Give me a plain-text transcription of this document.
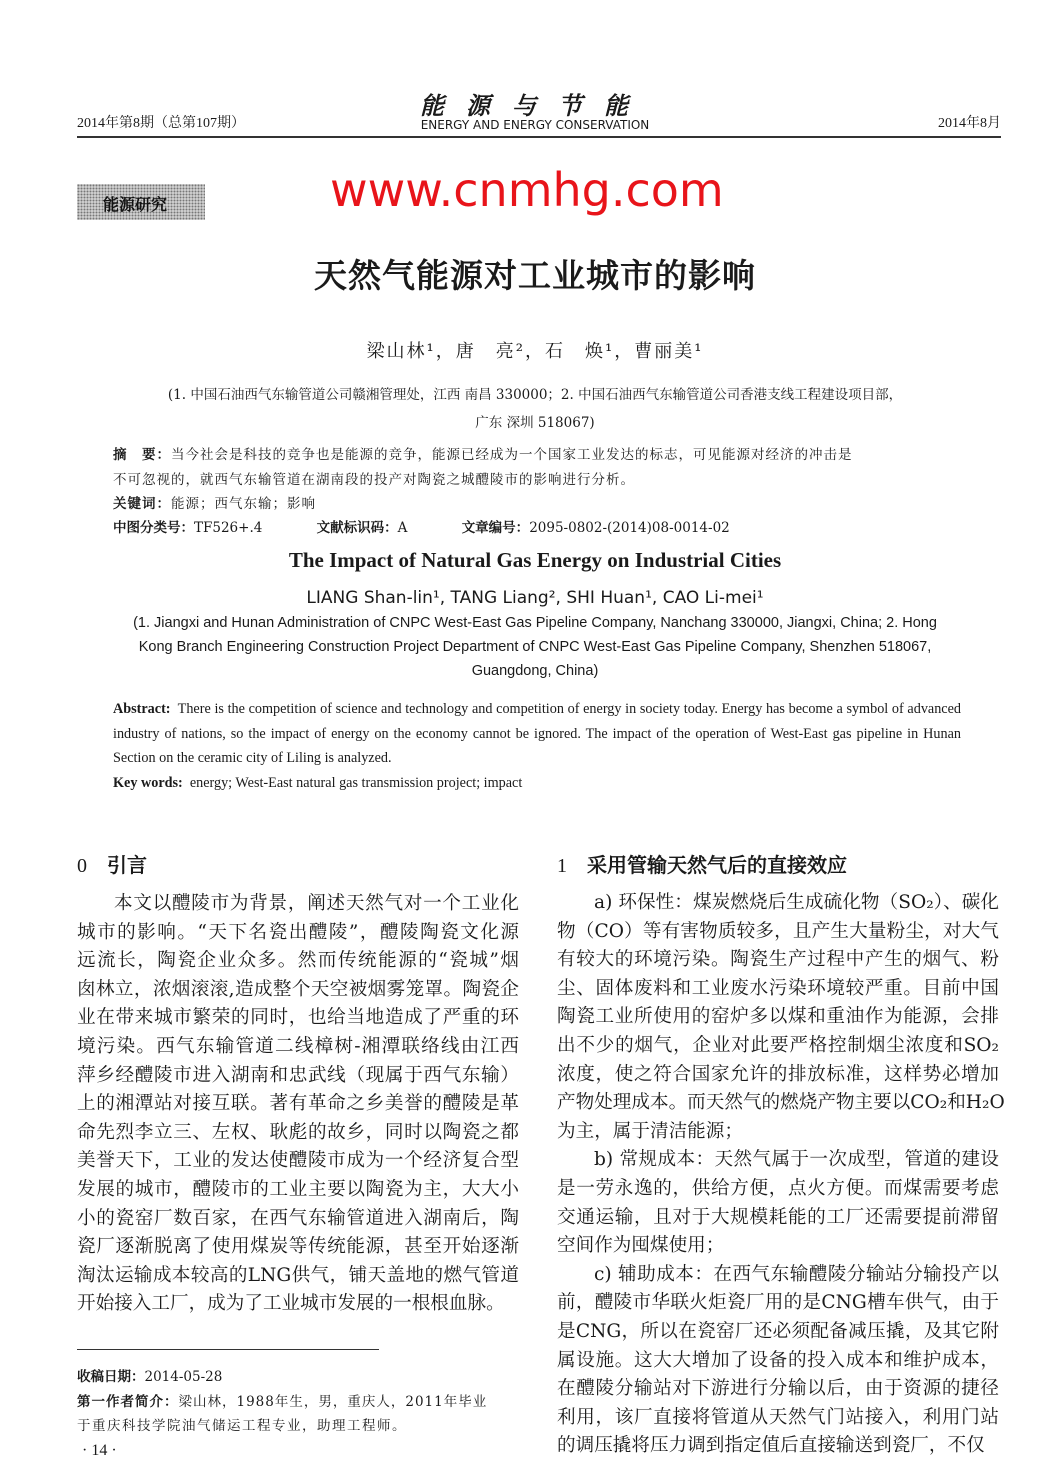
2014年第8期（总第107期）
能源与节能
ENERGY AND ENERGY CONSERVATION	2014年8月
能源研究	www.cnmhg.com
天然气能源对工业城市的影响
梁山林¹，唐　亮²，石　焕¹，曹丽美¹
(1. 中国石油西气东输管道公司赣湘管理处，江西 南昌 330000；2. 中国石油西气东输管道公司香港支线工程建设项目部，
广东 深圳 518067)
摘　要：当今社会是科技的竞争也是能源的竞争，能源已经成为一个国家工业发达的标志，可见能源对经济的冲击是
不可忽视的，就西气东输管道在湖南段的投产对陶瓷之城醴陵市的影响进行分析。
关键词：能源；西气东输；影响
中图分类号：TF526+.4	文献标识码：A	文章编号：2095-0802-(2014)08-0014-02
The Impact of Natural Gas Energy on Industrial Cities
LIANG Shan-lin¹, TANG Liang², SHI Huan¹, CAO Li-mei¹
(1. Jiangxi and Hunan Administration of CNPC West-East Gas Pipeline Company, Nanchang 330000, Jiangxi, China; 2. Hong
Kong Branch Engineering Construction Project Department of CNPC West-East Gas Pipeline Company, Shenzhen 518067,
Guangdong, China)
Abstract: There is the competition of science and technology and competition of energy in society today. Energy has become a symbol of advanced industry of nations, so the impact of energy on the economy cannot be ignored. The impact of the operation of West-East gas pipeline in Hunan Section on the ceramic city of Liling is analyzed.
Key words: energy; West-East natural gas transmission project; impact
0 引言	1 采用管输天然气后的直接效应
本文以醴陵市为背景，阐述天然气对一个工业化
城市的影响。“天下名瓷出醴陵”，醴陵陶瓷文化源
远流长，陶瓷企业众多。然而传统能源的“瓷城”烟
囱林立，浓烟滚滚,造成整个天空被烟雾笼罩。陶瓷企
业在带来城市繁荣的同时，也给当地造成了严重的环
境污染。西气东输管道二线樟树-湘潭联络线由江西
萍乡经醴陵市进入湖南和忠武线（现属于西气东输）
上的湘潭站对接互联。著有革命之乡美誉的醴陵是革
命先烈李立三、左权、耿彪的故乡，同时以陶瓷之都
美誉天下，工业的发达使醴陵市成为一个经济复合型
发展的城市，醴陵市的工业主要以陶瓷为主，大大小
小的瓷窑厂数百家，在西气东输管道进入湖南后，陶
瓷厂逐渐脱离了使用煤炭等传统能源，甚至开始逐渐
淘汰运输成本较高的LNG供气，铺天盖地的燃气管道
开始接入工厂，成为了工业城市发展的一根根血脉。
a) 环保性：煤炭燃烧后生成硫化物（SO₂）、碳化
物（CO）等有害物质较多，且产生大量粉尘，对大气
有较大的环境污染。陶瓷生产过程中产生的烟气、粉
尘、固体废料和工业废水污染环境较严重。目前中国
陶瓷工业所使用的窑炉多以煤和重油作为能源，会排
出不少的烟气，企业对此要严格控制烟尘浓度和SO₂
浓度，使之符合国家允许的排放标准，这样势必增加
产物处理成本。而天然气的燃烧产物主要以CO₂和H₂O
为主，属于清洁能源；
b) 常规成本：天然气属于一次成型，管道的建设
是一劳永逸的，供给方便，点火方便。而煤需要考虑
交通运输，且对于大规模耗能的工厂还需要提前滞留
空间作为囤煤使用；
c) 辅助成本：在西气东输醴陵分输站分输投产以
前，醴陵市华联火炬瓷厂用的是CNG槽车供气，由于
是CNG，所以在瓷窑厂还必须配备减压撬，及其它附
属设施。这大大增加了设备的投入成本和维护成本，
在醴陵分输站对下游进行分输以后，由于资源的捷径
利用，该厂直接将管道从天然气门站接入，利用门站
的调压撬将压力调到指定值后直接输送到瓷厂，不仅
收稿日期：2014-05-28
第一作者简介：梁山林，1988年生，男，重庆人，2011年毕业
于重庆科技学院油气储运工程专业，助理工程师。
· 14 ·
